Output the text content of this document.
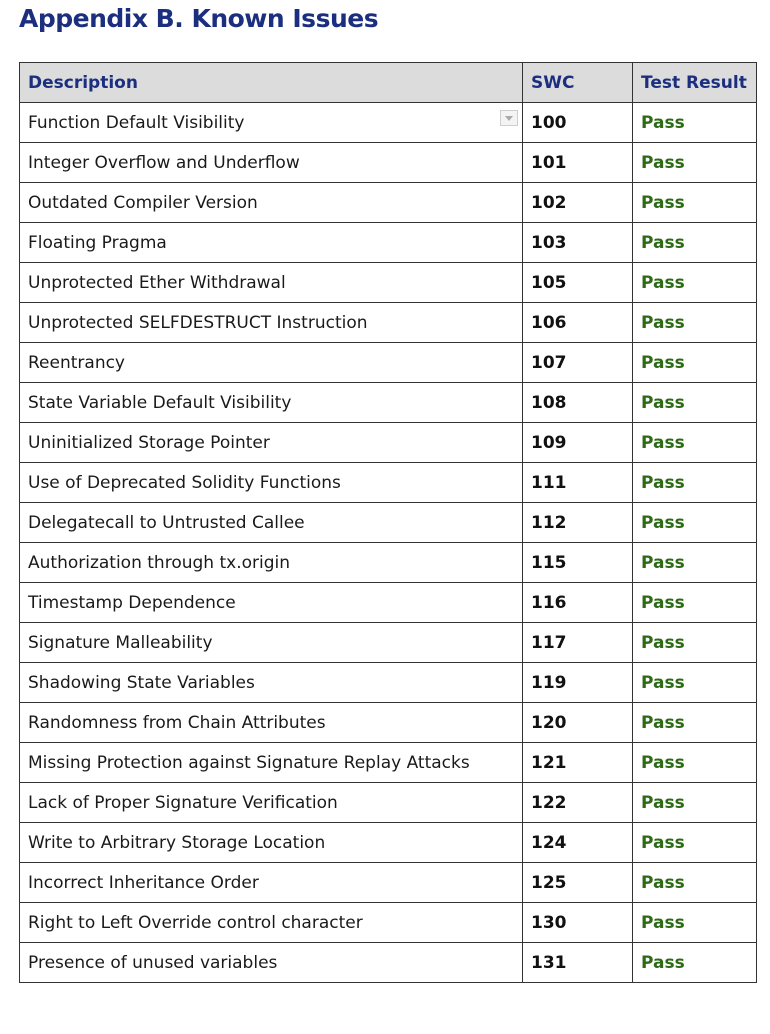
Appendix B. Known Issues
Description	SWC	Test Result
Function Default Visibility	100	Pass
Integer Overflow and Underflow	101	Pass
Outdated Compiler Version	102	Pass
Floating Pragma	103	Pass
Unprotected Ether Withdrawal	105	Pass
Unprotected SELFDESTRUCT Instruction	106	Pass
Reentrancy	107	Pass
State Variable Default Visibility	108	Pass
Uninitialized Storage Pointer	109	Pass
Use of Deprecated Solidity Functions	111	Pass
Delegatecall to Untrusted Callee	112	Pass
Authorization through tx.origin	115	Pass
Timestamp Dependence	116	Pass
Signature Malleability	117	Pass
Shadowing State Variables	119	Pass
Randomness from Chain Attributes	120	Pass
Missing Protection against Signature Replay Attacks	121	Pass
Lack of Proper Signature Verification	122	Pass
Write to Arbitrary Storage Location	124	Pass
Incorrect Inheritance Order	125	Pass
Right to Left Override control character	130	Pass
Presence of unused variables	131	Pass
